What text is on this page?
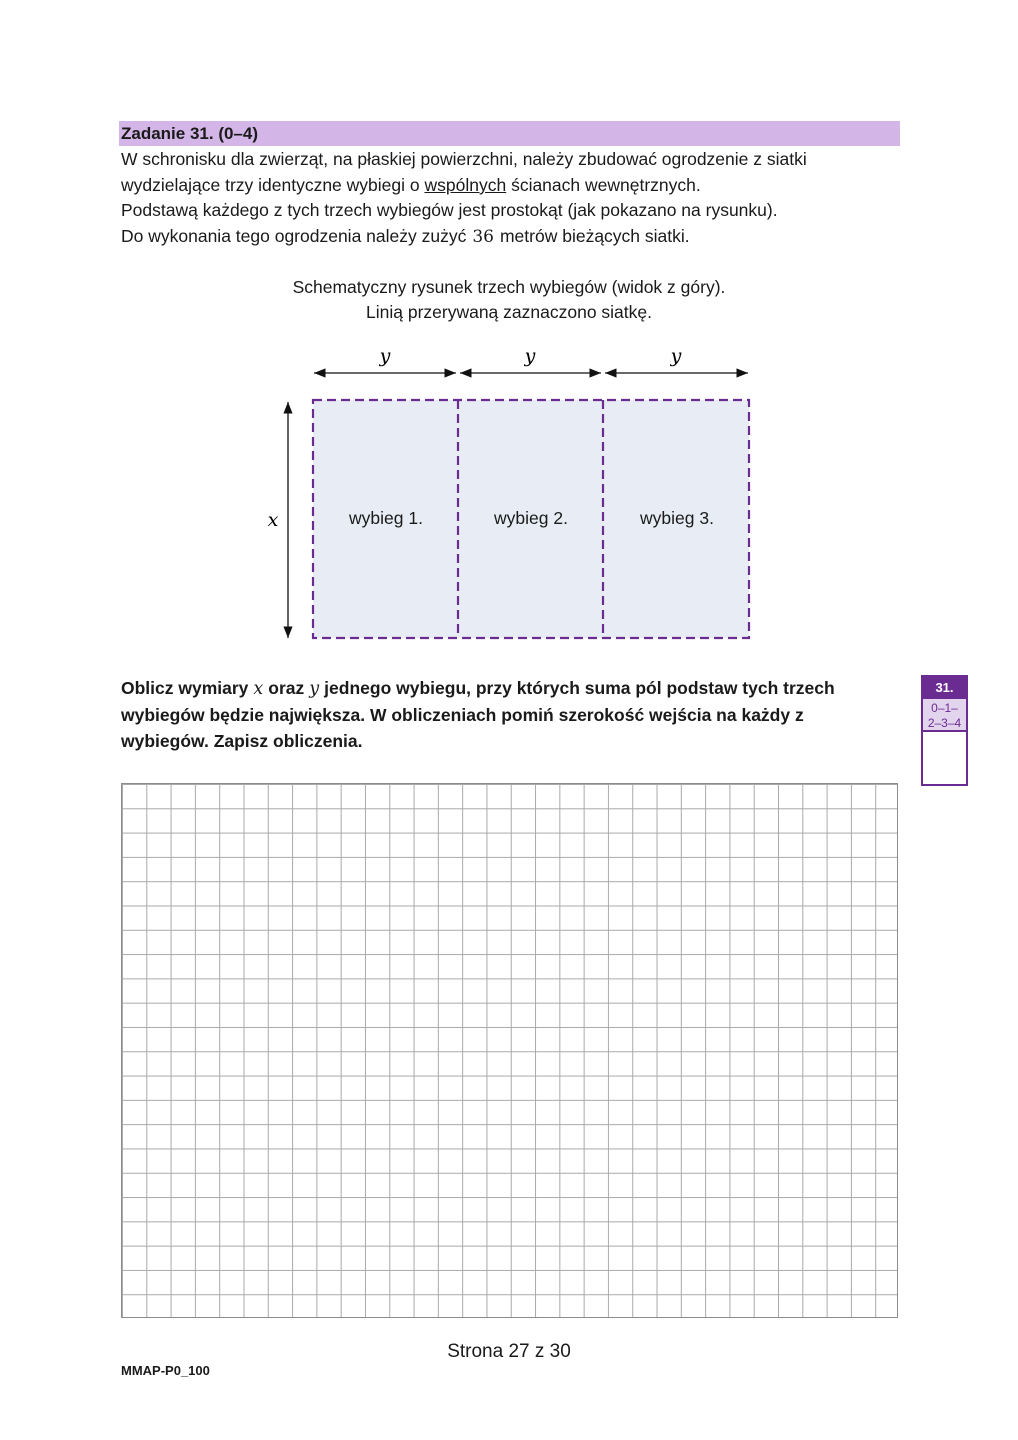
Zadanie 31. (0–4)
W schronisku dla zwierząt, na płaskiej powierzchni, należy zbudować ogrodzenie z siatki
wydzielające trzy identyczne wybiegi o wspólnych ścianach wewnętrznych.
Podstawą każdego z tych trzech wybiegów jest prostokąt (jak pokazano na rysunku).
Do wykonania tego ogrodzenia należy zużyć 36 metrów bieżących siatki.
Schematyczny rysunek trzech wybiegów (widok z góry).
Linią przerywaną zaznaczono siatkę.
y	y	y
x	wybieg 1.	wybieg 2.	wybieg 3.
Oblicz wymiary x oraz y jednego wybiegu, przy których suma pól podstaw tych trzech wybiegów będzie największa. W obliczeniach pomiń szerokość wejścia na każdy z wybiegów. Zapisz obliczenia.
31.
0–1–
2–3–4
Strona 27 z 30
MMAP-P0_100
